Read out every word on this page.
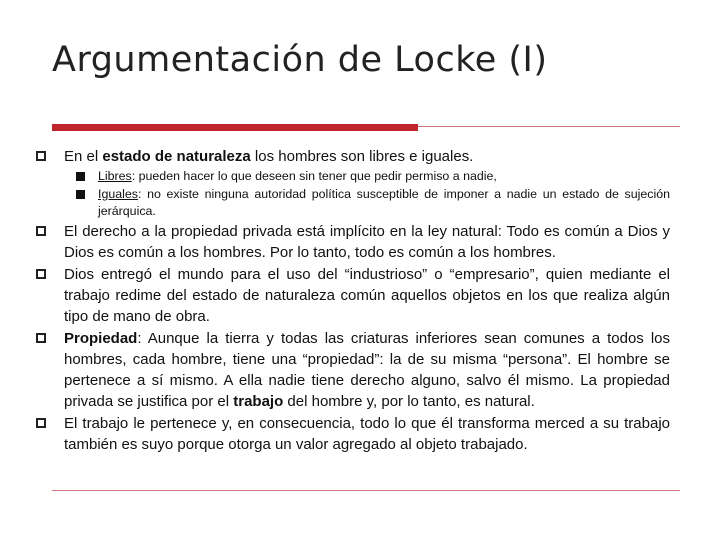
Argumentación de Locke (I)
En el estado de naturaleza los hombres son libres e iguales.
Libres: pueden hacer lo que deseen sin tener que pedir permiso a nadie,
Iguales: no existe ninguna autoridad política susceptible de imponer a nadie un estado de sujeción jerárquica.
El derecho a la propiedad privada está implícito en la ley natural: Todo es común a Dios y Dios es común a los hombres. Por lo tanto, todo es común a los hombres.
Dios entregó el mundo para el uso del “industrioso” o “empresario”, quien mediante el trabajo redime del estado de naturaleza común aquellos objetos en los que realiza algún tipo de mano de obra.
Propiedad: Aunque la tierra y todas las criaturas inferiores sean comunes a todos los hombres, cada hombre, tiene una “propiedad”: la de su misma “persona”. El hombre se pertenece a sí mismo. A ella nadie tiene derecho alguno, salvo él mismo. La propiedad privada se justifica por el trabajo del hombre y, por lo tanto, es natural.
El trabajo le pertenece y, en consecuencia, todo lo que él transforma merced a su trabajo también es suyo porque otorga un valor agregado al objeto trabajado.
